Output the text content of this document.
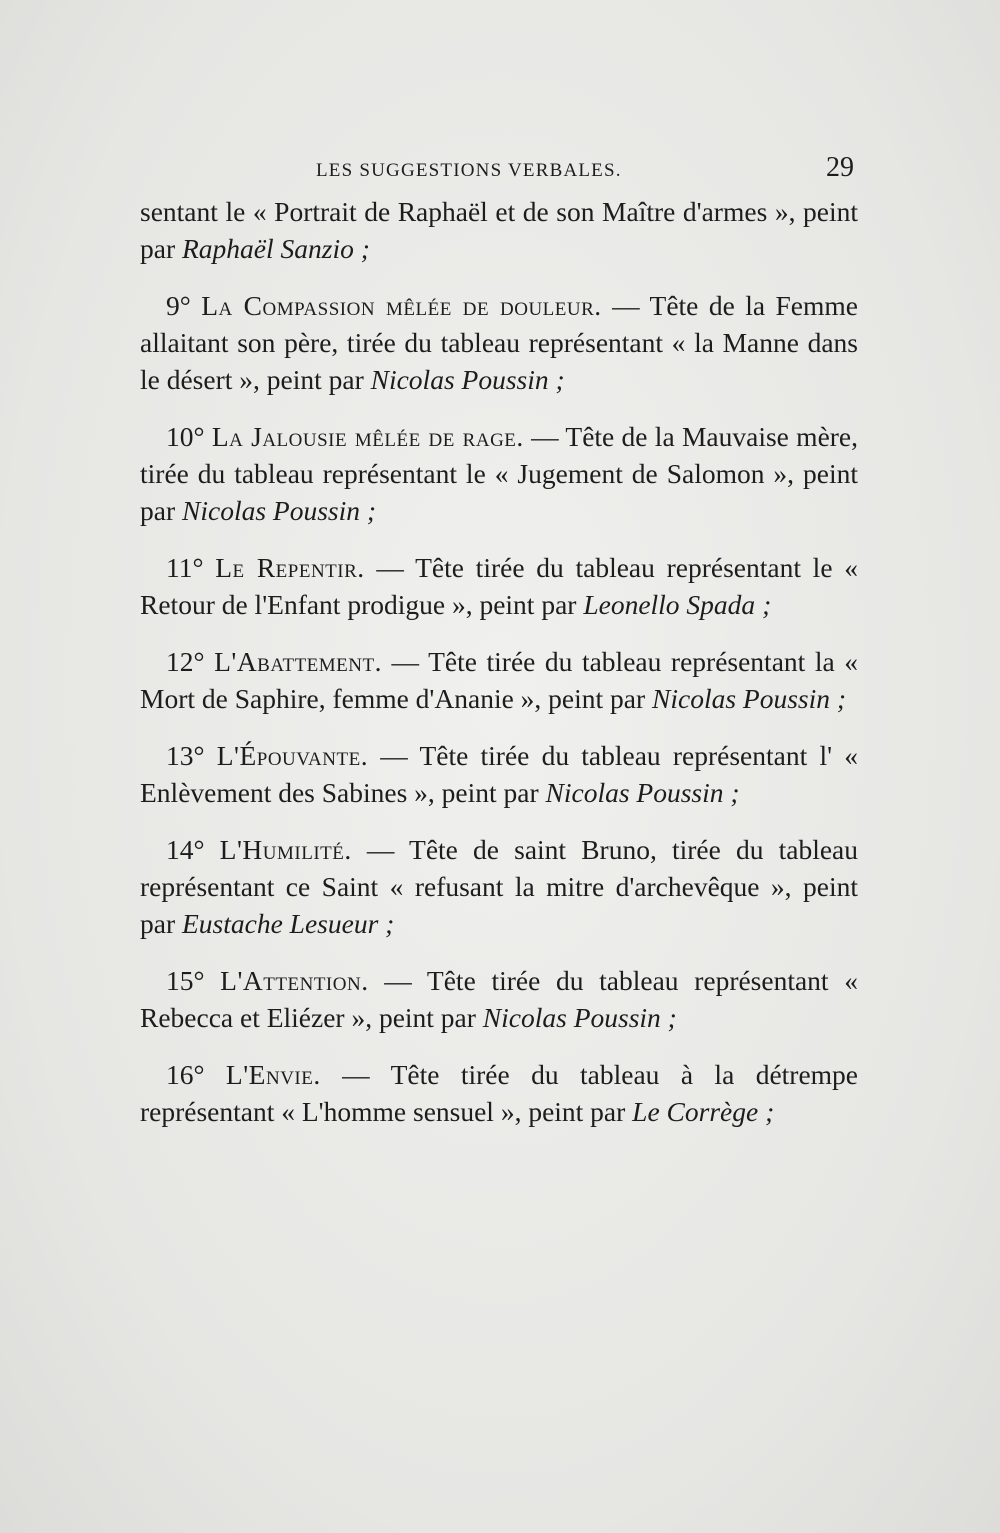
LES SUGGESTIONS VERBALES.	29

sentant le « Portrait de Raphaël et de son Maître d'armes », peint par Raphaël Sanzio ;

9° La Compassion mêlée de douleur. — Tête de la Femme allaitant son père, tirée du tableau représentant « la Manne dans le désert », peint par Nicolas Poussin ;

10° La Jalousie mêlée de rage. — Tête de la Mauvaise mère, tirée du tableau représentant le « Jugement de Salomon », peint par Nicolas Poussin ;

11° Le Repentir. — Tête tirée du tableau représentant le « Retour de l'Enfant prodigue », peint par Leonello Spada ;

12° L'Abattement. — Tête tirée du tableau représentant la « Mort de Saphire, femme d'Ananie », peint par Nicolas Poussin ;

13° L'Épouvante. — Tête tirée du tableau représentant l' « Enlèvement des Sabines », peint par Nicolas Poussin ;

14° L'Humilité. — Tête de saint Bruno, tirée du tableau représentant ce Saint « refusant la mitre d'archevêque », peint par Eustache Lesueur ;

15° L'Attention. — Tête tirée du tableau représentant « Rebecca et Eliézer », peint par Nicolas Poussin ;

16° L'Envie. — Tête tirée du tableau à la détrempe représentant « L'homme sensuel », peint par Le Corrège ;
